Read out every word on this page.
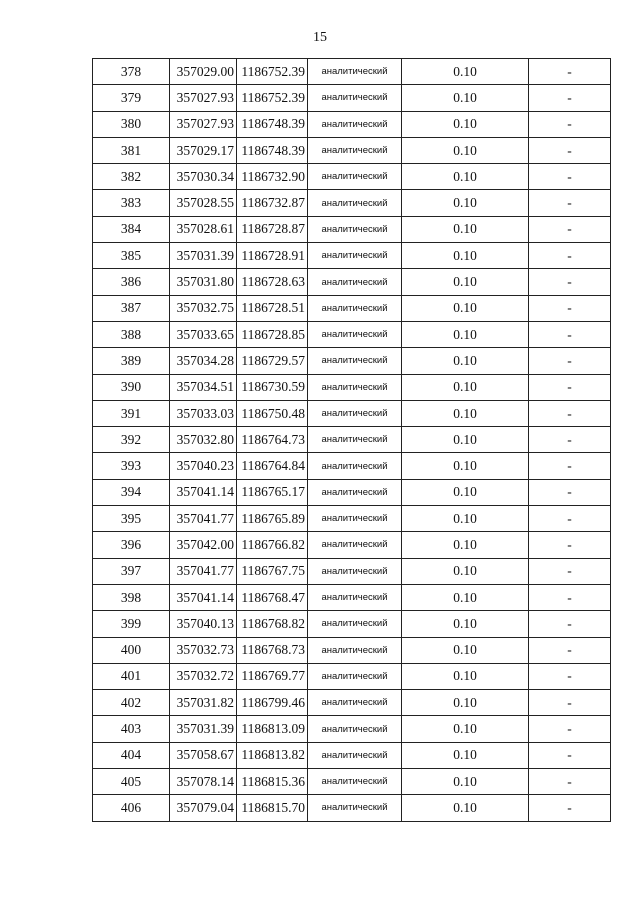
15
378	357029.00	1186752.39	аналитический	0.10	-
379	357027.93	1186752.39	аналитический	0.10	-
380	357027.93	1186748.39	аналитический	0.10	-
381	357029.17	1186748.39	аналитический	0.10	-
382	357030.34	1186732.90	аналитический	0.10	-
383	357028.55	1186732.87	аналитический	0.10	-
384	357028.61	1186728.87	аналитический	0.10	-
385	357031.39	1186728.91	аналитический	0.10	-
386	357031.80	1186728.63	аналитический	0.10	-
387	357032.75	1186728.51	аналитический	0.10	-
388	357033.65	1186728.85	аналитический	0.10	-
389	357034.28	1186729.57	аналитический	0.10	-
390	357034.51	1186730.59	аналитический	0.10	-
391	357033.03	1186750.48	аналитический	0.10	-
392	357032.80	1186764.73	аналитический	0.10	-
393	357040.23	1186764.84	аналитический	0.10	-
394	357041.14	1186765.17	аналитический	0.10	-
395	357041.77	1186765.89	аналитический	0.10	-
396	357042.00	1186766.82	аналитический	0.10	-
397	357041.77	1186767.75	аналитический	0.10	-
398	357041.14	1186768.47	аналитический	0.10	-
399	357040.13	1186768.82	аналитический	0.10	-
400	357032.73	1186768.73	аналитический	0.10	-
401	357032.72	1186769.77	аналитический	0.10	-
402	357031.82	1186799.46	аналитический	0.10	-
403	357031.39	1186813.09	аналитический	0.10	-
404	357058.67	1186813.82	аналитический	0.10	-
405	357078.14	1186815.36	аналитический	0.10	-
406	357079.04	1186815.70	аналитический	0.10	-
